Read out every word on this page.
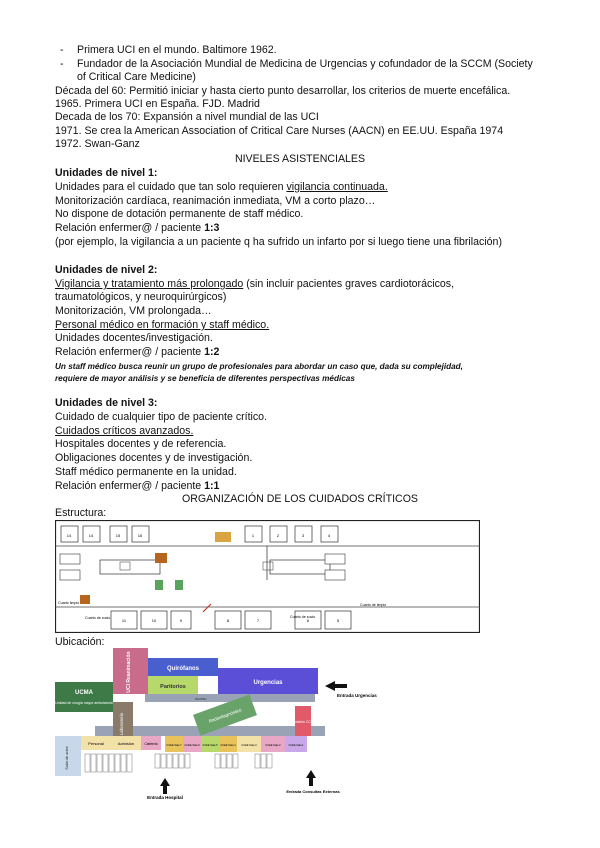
- Primera UCI en el mundo. Baltimore 1962.
- Fundador de la Asociación Mundial de Medicina de Urgencias y cofundador de la SCCM (Society
of Critical Care Medicine)
Década del 60: Permitió iniciar y hasta cierto punto desarrollar, los criterios de muerte encefálica.
1965. Primera UCI en España. FJD. Madrid
Decada de los 70: Expansión a nivel mundial de las UCI
1971. Se crea la American Association of Critical Care Nurses (AACN) en EE.UU. España 1974
1972. Swan-Ganz
NIVELES ASISTENCIALES
Unidades de nivel 1:
Unidades para el cuidado que tan solo requieren vigilancia continuada.
Monitorización cardíaca, reanimación inmediata, VM a corto plazo…
No dispone de dotación permanente de staff médico.
Relación enfermer@ / paciente 1:3
(por ejemplo, la vigilancia a un paciente q ha sufrido un infarto por si luego tiene una fibrilación)
Unidades de nivel 2:
Vigilancia y tratamiento más prolongado (sin incluir pacientes graves cardiotorácicos,
traumatológicos, y neuroquirúrgicos)
Monitorización, VM prolongada…
Personal médico en formación y staff médico.
Unidades docentes/investigación.
Relación enfermer@ / paciente 1:2
Un staff médico busca reunir un grupo de profesionales para abordar un caso que, dada su complejidad,
requiere de mayor análisis y se beneficia de diferentes perspectivas médicas
Unidades de nivel 3:
Cuidado de cualquier tipo de paciente crítico.
Cuidados críticos avanzados.
Hospitales docentes y de referencia.
Obligaciones docentes y de investigación.
Staff médico permanente en la unidad.
Relación enfermer@ / paciente 1:1
ORGANIZACIÓN DE LOS CUIDADOS CRÍTICOS
Estructura:
14	14	15	16	1	2	3	4
11	10	9	8	7	6	5
Cuarto limpio
Cuarto de sucio	Cuarto de sucio
Cuarto de limpio
Ubicación:
UCI Reanimación	Quirófanos
Paritorios
Urgencias
UCMA
Unidad de cirugía mayor ambulatoria
Laboratorio	Radiodiagnóstico
Acceso
Admisión CCEE
Salón de actos
Personal	Admisión	Cafetería	CCEE Sala 7 CCEE Sala 6 CCEE Sala 5 CCEE Sala 4 CCEE Sala 3	CCEE Sala 2	CCEE Sala 1
Entrada Urgencias
Entrada Hospital
Entrada Consultas Externas
